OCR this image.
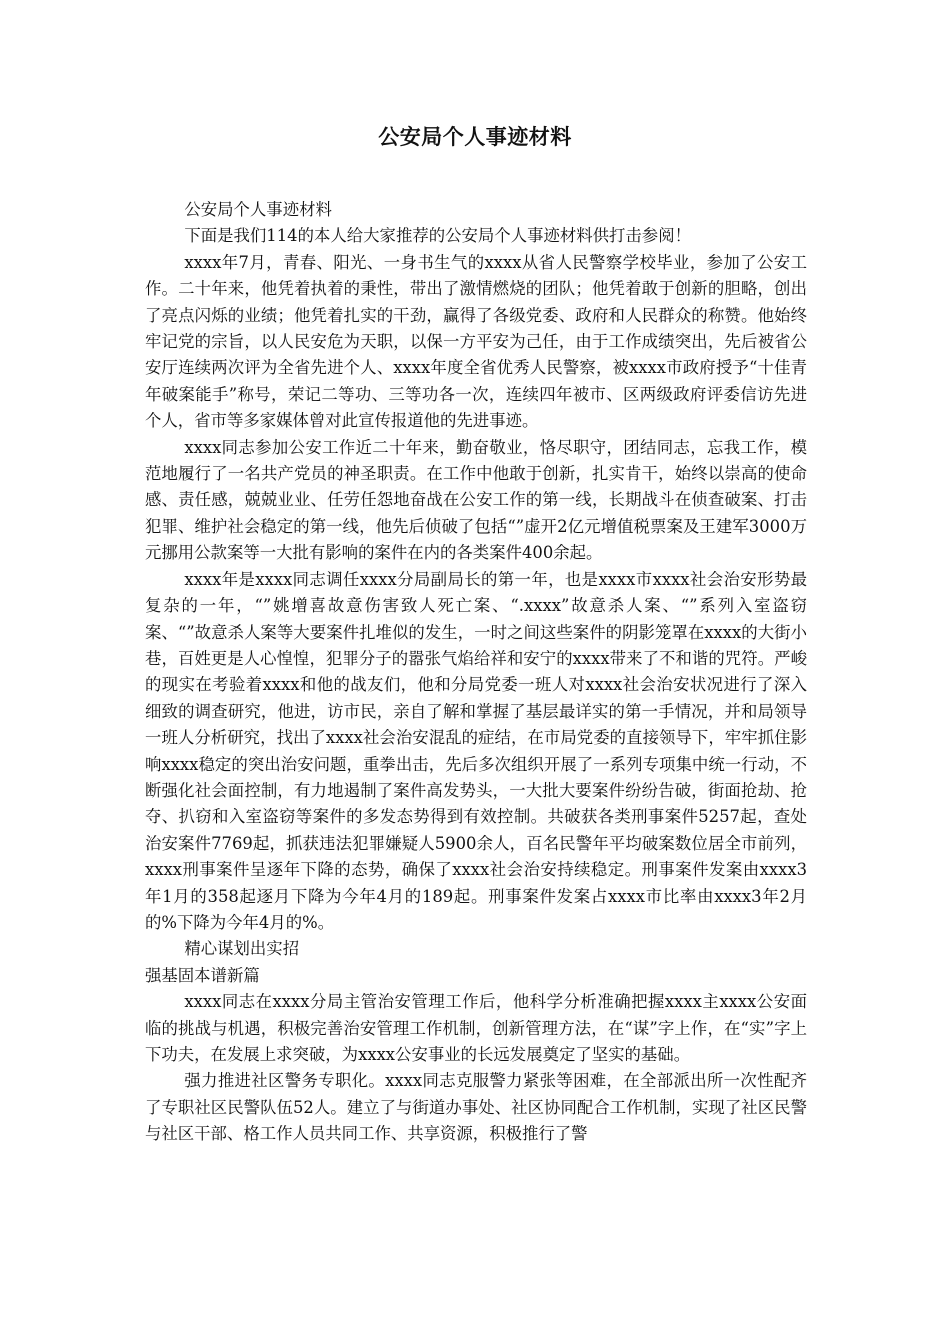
公安局个人事迹材料

公安局个人事迹材料

下面是我们114的本人给大家推荐的公安局个人事迹材料供打击参阅！

xxxx年7月，青春、阳光、一身书生气的xxxx从省人民警察学校毕业，参加了公安工作。二十年来，他凭着执着的秉性，带出了激情燃烧的团队；他凭着敢于创新的胆略，创出了亮点闪烁的业绩；他凭着扎实的干劲，赢得了各级党委、政府和人民群众的称赞。他始终牢记党的宗旨，以人民安危为天职，以保一方平安为己任，由于工作成绩突出，先后被省公安厅连续两次评为全省先进个人、xxxx年度全省优秀人民警察，被xxxx市政府授予“十佳青年破案能手”称号，荣记二等功、三等功各一次，连续四年被市、区两级政府评委信访先进个人，省市等多家媒体曾对此宣传报道他的先进事迹。

xxxx同志参加公安工作近二十年来，勤奋敬业，恪尽职守，团结同志，忘我工作，模范地履行了一名共产党员的神圣职责。在工作中他敢于创新，扎实肯干，始终以崇高的使命感、责任感，兢兢业业、任劳任怨地奋战在公安工作的第一线，长期战斗在侦查破案、打击犯罪、维护社会稳定的第一线，他先后侦破了包括“”虚开2亿元增值税票案及王建军3000万元挪用公款案等一大批有影响的案件在内的各类案件400余起。

xxxx年是xxxx同志调任xxxx分局副局长的第一年，也是xxxx市xxxx社会治安形势最复杂的一年，“”姚增喜故意伤害致人死亡案、“.xxxx”故意杀人案、“”系列入室盗窃案、“”故意杀人案等大要案件扎堆似的发生，一时之间这些案件的阴影笼罩在xxxx的大街小巷，百姓更是人心惶惶，犯罪分子的嚣张气焰给祥和安宁的xxxx带来了不和谐的咒符。严峻的现实在考验着xxxx和他的战友们，他和分局党委一班人对xxxx社会治安状况进行了深入细致的调查研究，他进，访市民，亲自了解和掌握了基层最详实的第一手情况，并和局领导一班人分析研究，找出了xxxx社会治安混乱的症结，在市局党委的直接领导下，牢牢抓住影响xxxx稳定的突出治安问题，重拳出击，先后多次组织开展了一系列专项集中统一行动，不断强化社会面控制，有力地遏制了案件高发势头，一大批大要案件纷纷告破，街面抢劫、抢夺、扒窃和入室盗窃等案件的多发态势得到有效控制。共破获各类刑事案件5257起，查处治安案件7769起，抓获违法犯罪嫌疑人5900余人，百名民警年平均破案数位居全市前列，xxxx刑事案件呈逐年下降的态势，确保了xxxx社会治安持续稳定。刑事案件发案由xxxx3年1月的358起逐月下降为今年4月的189起。刑事案件发案占xxxx市比率由xxxx3年2月的%下降为今年4月的%。

精心谋划出实招

强基固本谱新篇

xxxx同志在xxxx分局主管治安管理工作后，他科学分析准确把握xxxx主xxxx公安面临的挑战与机遇，积极完善治安管理工作机制，创新管理方法，在“谋”字上作，在“实”字上下功夫，在发展上求突破，为xxxx公安事业的长远发展奠定了坚实的基础。

强力推进社区警务专职化。xxxx同志克服警力紧张等困难，在全部派出所一次性配齐了专职社区民警队伍52人。建立了与街道办事处、社区协同配合工作机制，实现了社区民警与社区干部、格工作人员共同工作、共享资源，积极推行了警
